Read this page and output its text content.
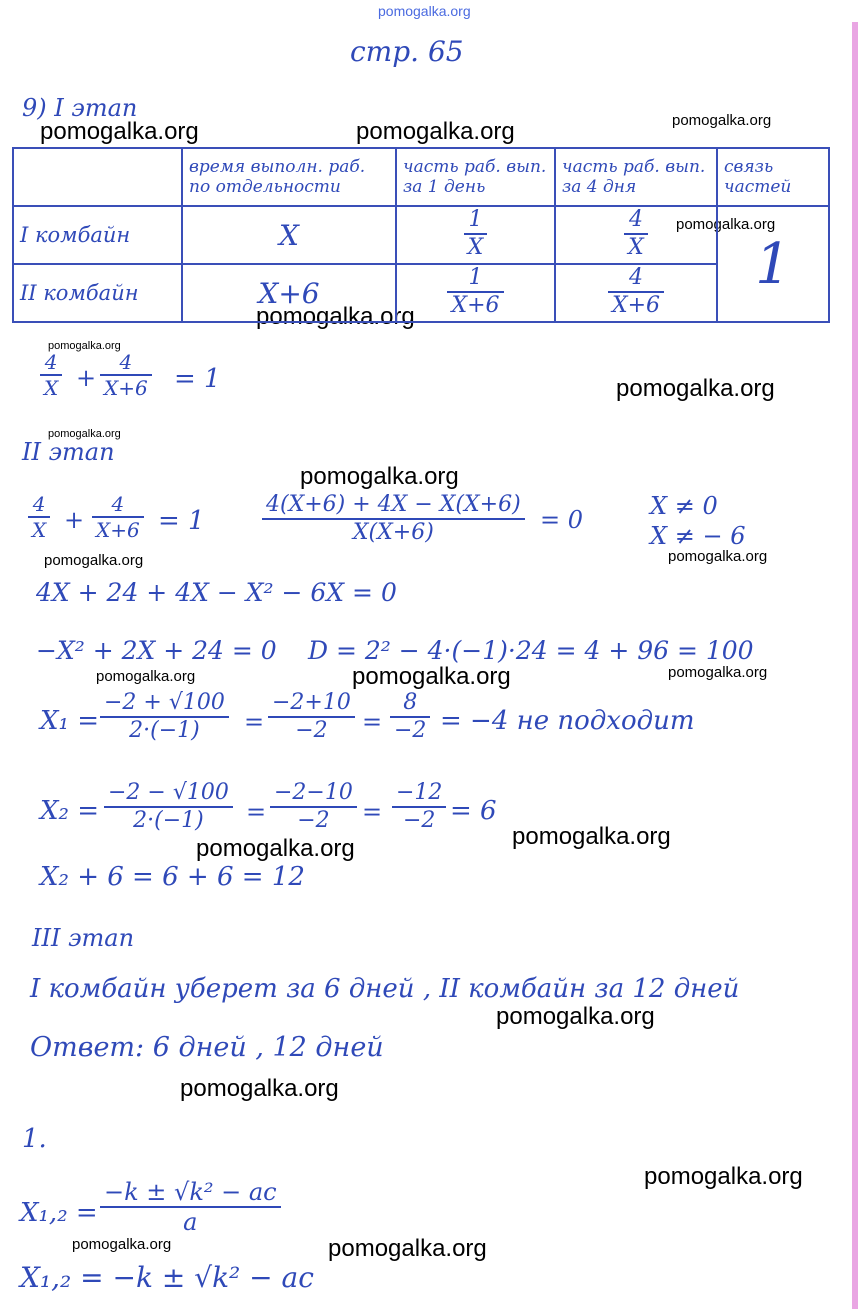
pomogalka.org
pomogalka.org	pomogalka.org	pomogalka.org
pomogalka.org
pomogalka.org
pomogalka.org
pomogalka.org
pomogalka.org
pomogalka.org
pomogalka.org	pomogalka.org
pomogalka.org	pomogalka.org	pomogalka.org
pomogalka.org
pomogalka.org
pomogalka.org
pomogalka.org
pomogalka.org
pomogalka.org	pomogalka.org
стр. 65
9) I этап
	время выполн. раб. по отдельности	часть раб. вып. за 1 день	часть раб. вып. за 4 дня	связь частей
I комбайн	X	$\frac{1}{X}$	$\frac{4}{X}$	1
II комбайн	X+6	$\frac{1}{X+6}$	$\frac{4}{X+6}$
$\frac{4}{X} + \frac{4}{X+6} = 1$
II этап
$\frac{4}{X} + \frac{4}{X+6} = 1$	$\frac{4(X+6) + 4X - X(X+6)}{X(X+6)} = 0$	X ≠ 0
X ≠ − 6
4X + 24 + 4X − X² − 6X = 0
−X² + 2X + 24 = 0 D = 2² − 4·(−1)·24 = 4 + 96 = 100
$X_1 = \frac{-2 + √100}{2\cdot(-1)} = \frac{-2+10}{-2} = \frac{8}{-2} = -4$ не подходит
$X_2 = \frac{-2 - √100}{2\cdot(-1)} = \frac{-2-10}{-2} = \frac{-12}{-2} = 6$
X₂ + 6 = 6 + 6 = 12
III этап
I комбайн уберет за 6 дней , II комбайн за 12 дней
Ответ: 6 дней , 12 дней
1.
$X_1,_2 = \frac{\text{−k ± √k² − ac}}{a}$
X₁,₂ = −k ± √k² − ac
